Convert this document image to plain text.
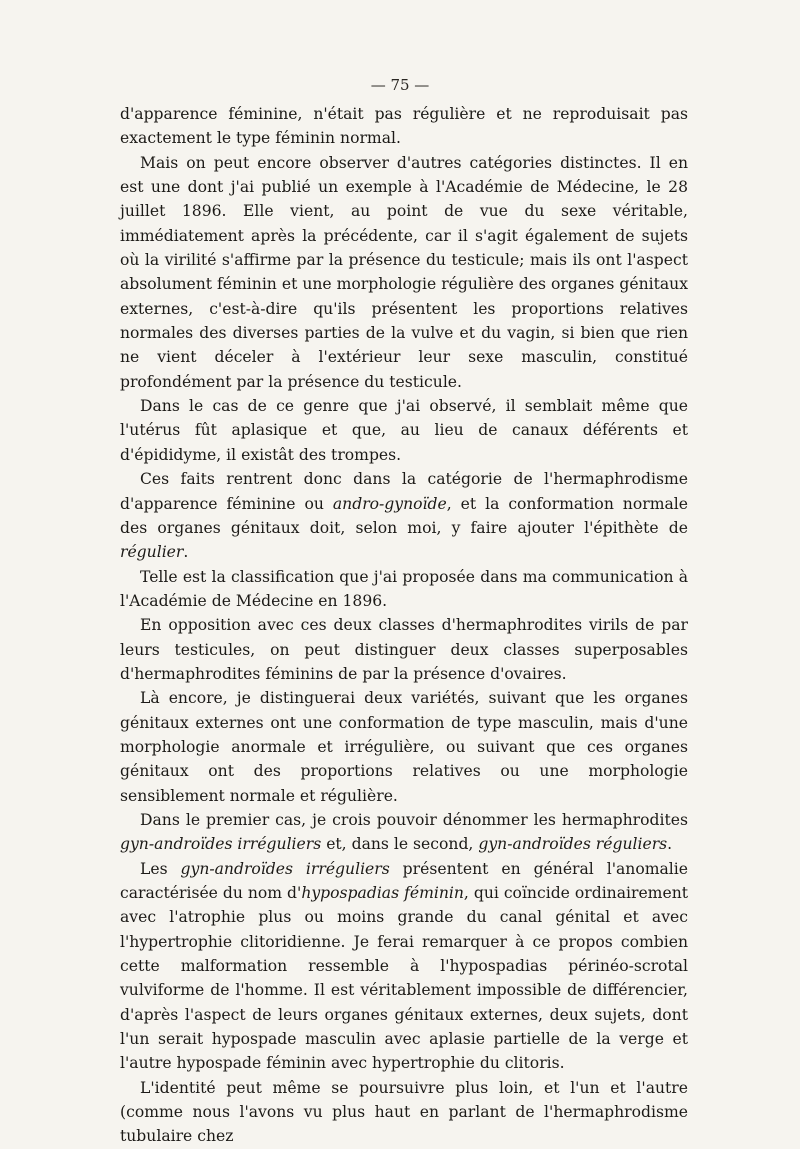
— 75 —

d'apparence féminine, n'était pas régulière et ne reproduisait pas exactement le type féminin normal.

Mais on peut encore observer d'autres catégories distinctes. Il en est une dont j'ai publié un exemple à l'Académie de Médecine, le 28 juillet 1896. Elle vient, au point de vue du sexe véritable, immédiatement après la précédente, car il s'agit également de sujets où la virilité s'affirme par la présence du testicule; mais ils ont l'aspect absolument féminin et une morphologie régulière des organes génitaux externes, c'est-à-dire qu'ils présentent les proportions relatives normales des diverses parties de la vulve et du vagin, si bien que rien ne vient déceler à l'extérieur leur sexe masculin, constitué profondément par la présence du testicule.

Dans le cas de ce genre que j'ai observé, il semblait même que l'utérus fût aplasique et que, au lieu de canaux déférents et d'épididyme, il existât des trompes.

Ces faits rentrent donc dans la catégorie de l'hermaphrodisme d'apparence féminine ou andro-gynoïde, et la conformation normale des organes génitaux doit, selon moi, y faire ajouter l'épithète de régulier.

Telle est la classification que j'ai proposée dans ma communication à l'Académie de Médecine en 1896.

En opposition avec ces deux classes d'hermaphrodites virils de par leurs testicules, on peut distinguer deux classes superposables d'hermaphrodites féminins de par la présence d'ovaires.

Là encore, je distinguerai deux variétés, suivant que les organes génitaux externes ont une conformation de type masculin, mais d'une morphologie anormale et irrégulière, ou suivant que ces organes génitaux ont des proportions relatives ou une morphologie sensiblement normale et régulière.

Dans le premier cas, je crois pouvoir dénommer les hermaphrodites gyn-androïdes irréguliers et, dans le second, gyn-androïdes réguliers.

Les gyn-androïdes irréguliers présentent en général l'anomalie caractérisée du nom d'hypospadias féminin, qui coïncide ordinairement avec l'atrophie plus ou moins grande du canal génital et avec l'hypertrophie clitoridienne. Je ferai remarquer à ce propos combien cette malformation ressemble à l'hypospadias périnéo-scrotal vulviforme de l'homme. Il est véritablement impossible de différencier, d'après l'aspect de leurs organes génitaux externes, deux sujets, dont l'un serait hypospade masculin avec aplasie partielle de la verge et l'autre hypospade féminin avec hypertrophie du clitoris.

L'identité peut même se poursuivre plus loin, et l'un et l'autre (comme nous l'avons vu plus haut en parlant de l'hermaphrodisme tubulaire chez
